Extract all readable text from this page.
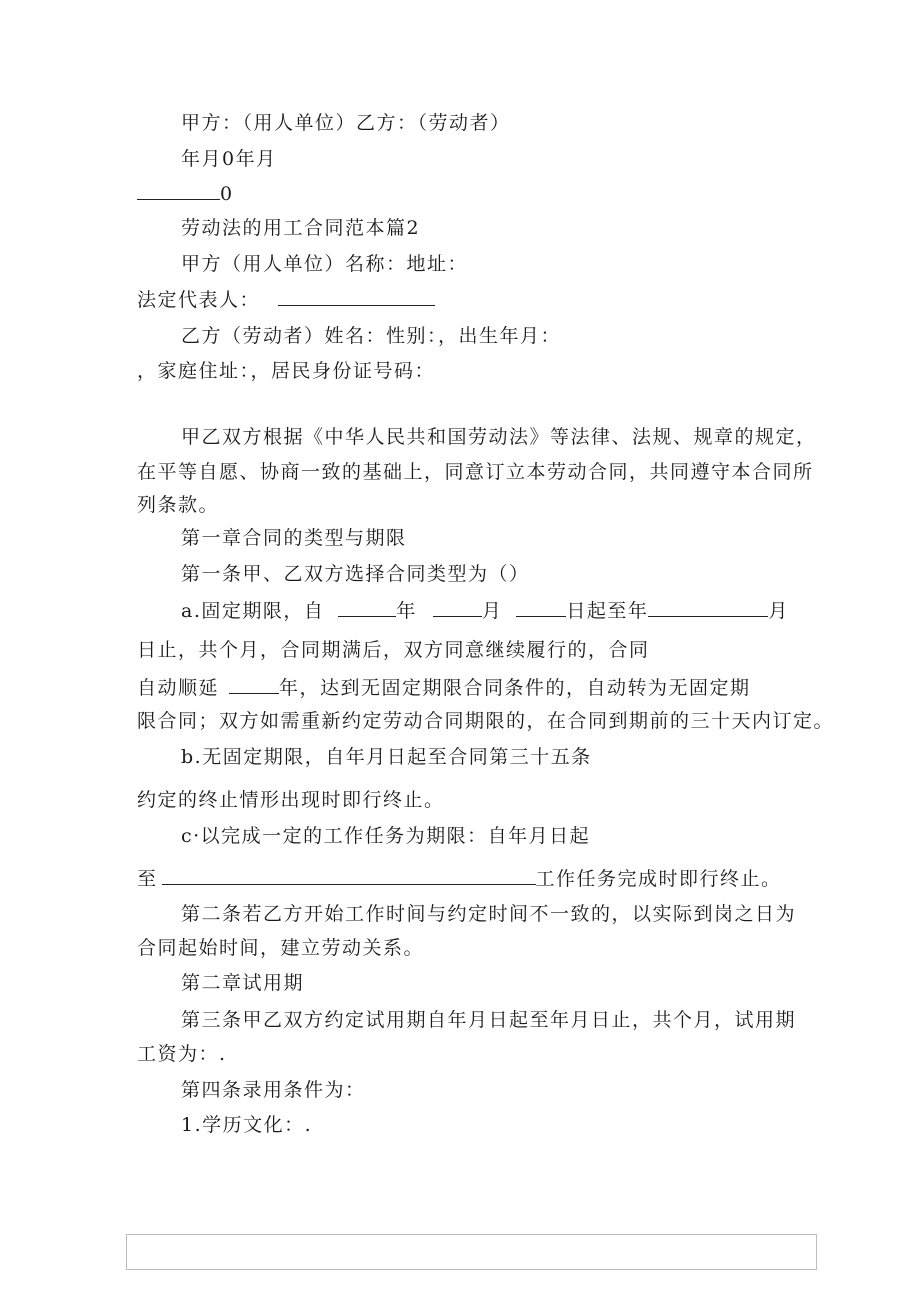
甲方：（用人单位）乙方：（劳动者）
年月0年月
0
劳动法的用工合同范本篇2
甲方（用人单位）名称：地址：
法定代表人：
乙方（劳动者）姓名：性别：，出生年月：
，家庭住址：，居民身份证号码：
甲乙双方根据《中华人民共和国劳动法》等法律、法规、规章的规定，
在平等自愿、协商一致的基础上，同意订立本劳动合同，共同遵守本合同所
列条款。
第一章合同的类型与期限
第一条甲、乙双方选择合同类型为（）
a.固定期限，自	年	月	日起至年	月
日止，共个月，合同期满后，双方同意继续履行的，合同
自动顺延	年，达到无固定期限合同条件的，自动转为无固定期
限合同；双方如需重新约定劳动合同期限的，在合同到期前的三十天内订定。
b.无固定期限，自年月日起至合同第三十五条
约定的终止情形出现时即行终止。
c·以完成一定的工作任务为期限：自年月日起
至	工作任务完成时即行终止。
第二条若乙方开始工作时间与约定时间不一致的，以实际到岗之日为
合同起始时间，建立劳动关系。
第二章试用期
第三条甲乙双方约定试用期自年月日起至年月日止，共个月，试用期
工资为：.
第四条录用条件为：
1.学历文化：.
